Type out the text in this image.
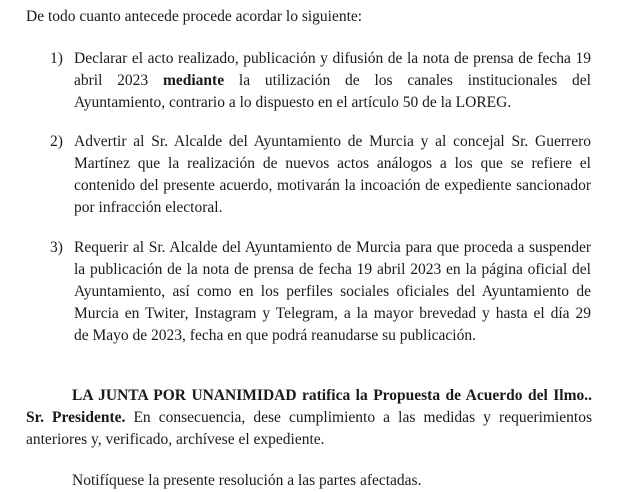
De todo cuanto antecede procede acordar lo siguiente:
1) Declarar el acto realizado, publicación y difusión de la nota de prensa de fecha 19
abril 2023 mediante la utilización de los canales institucionales del
Ayuntamiento, contrario a lo dispuesto en el artículo 50 de la LOREG.
2) Advertir al Sr. Alcalde del Ayuntamiento de Murcia y al concejal Sr. Guerrero
Martínez que la realización de nuevos actos análogos a los que se refiere el
contenido del presente acuerdo, motivarán la incoación de expediente sancionador
por infracción electoral.
3) Requerir al Sr. Alcalde del Ayuntamiento de Murcia para que proceda a suspender
la publicación de la nota de prensa de fecha 19 abril 2023 en la página oficial del
Ayuntamiento, así como en los perfiles sociales oficiales del Ayuntamiento de
Murcia en Twiter, Instagram y Telegram, a la mayor brevedad y hasta el día 29
de Mayo de 2023, fecha en que podrá reanudarse su publicación.
LA JUNTA POR UNANIMIDAD ratifica la Propuesta de Acuerdo del Ilmo..
Sr. Presidente. En consecuencia, dese cumplimiento a las medidas y requerimientos
anteriores y, verificado, archívese el expediente.
Notifíquese la presente resolución a las partes afectadas.
